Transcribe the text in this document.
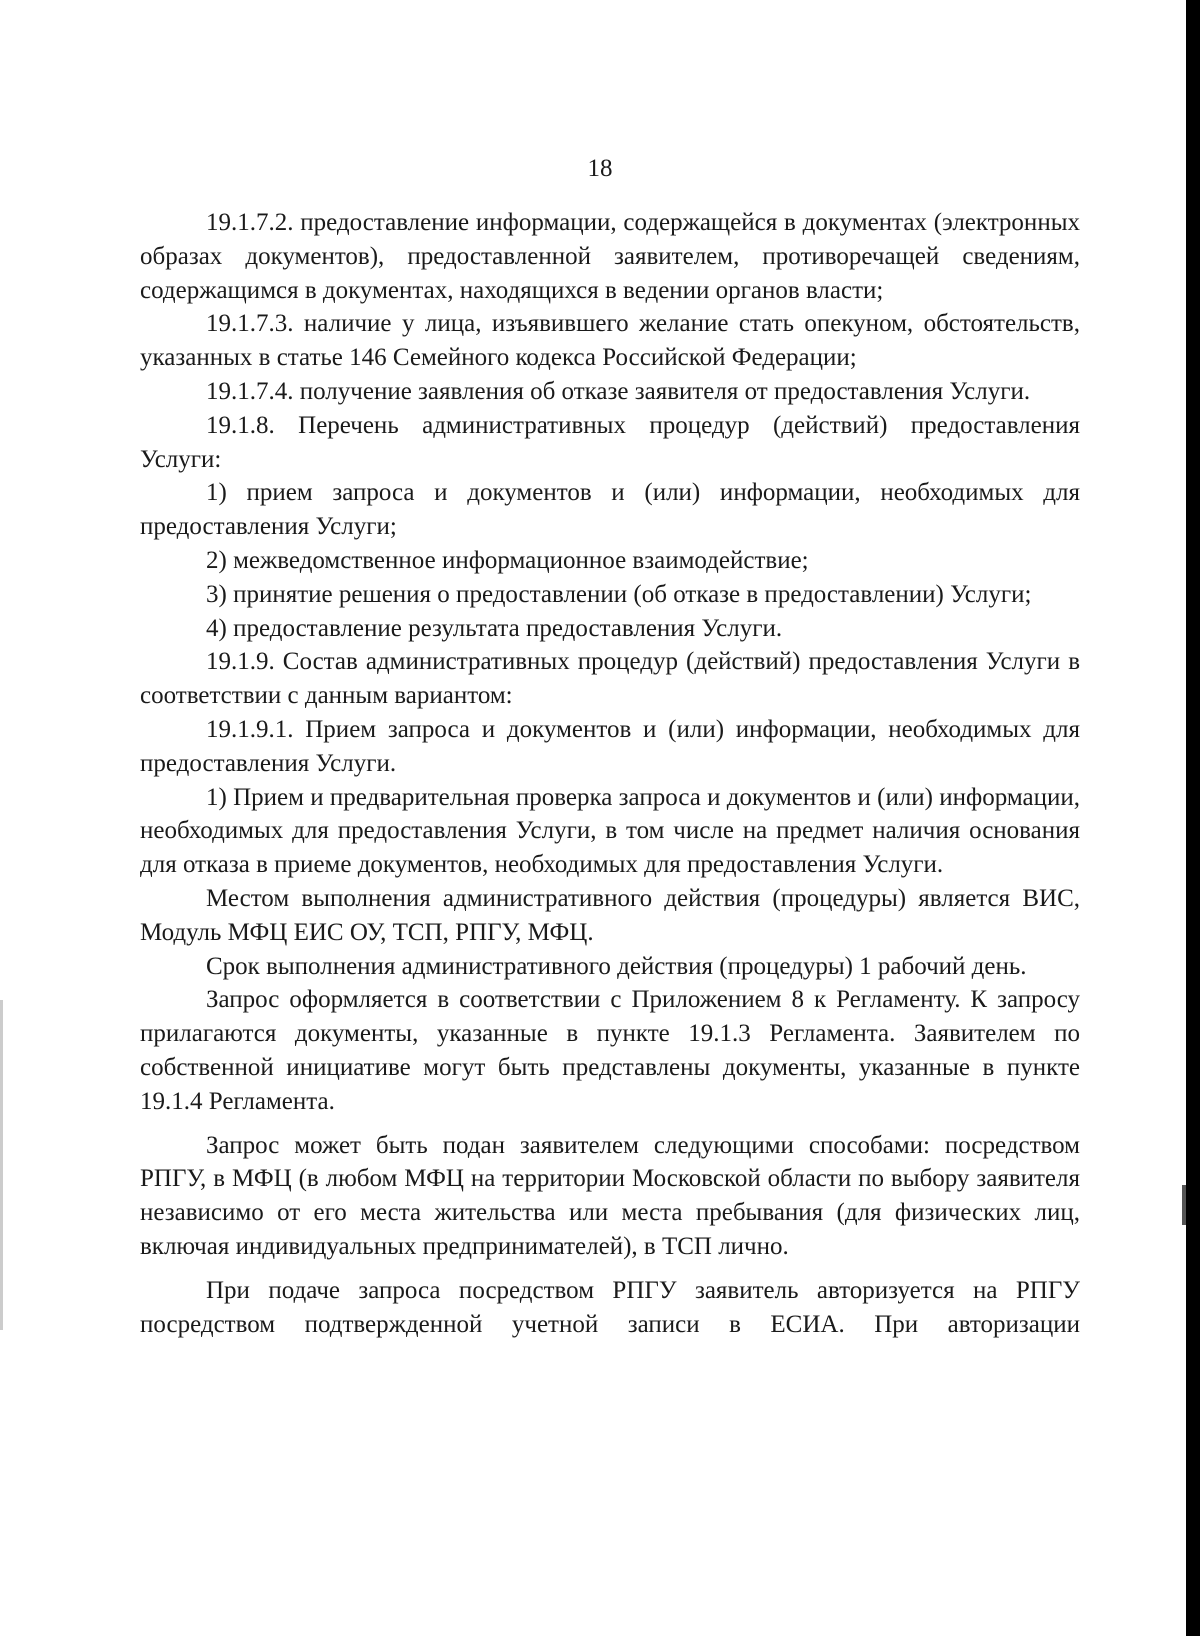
18

19.1.7.2. предоставление информации, содержащейся в документах (электронных образах документов), предоставленной заявителем, противоречащей сведениям, содержащимся в документах, находящихся в ведении органов власти;

19.1.7.3. наличие у лица, изъявившего желание стать опекуном, обстоятельств, указанных в статье 146 Семейного кодекса Российской Федерации;

19.1.7.4. получение заявления об отказе заявителя от предоставления Услуги.

19.1.8. Перечень административных процедур (действий) предоставления Услуги:

1) прием запроса и документов и (или) информации, необходимых для предоставления Услуги;

2) межведомственное информационное взаимодействие;

3) принятие решения о предоставлении (об отказе в предоставлении) Услуги;

4) предоставление результата предоставления Услуги.

19.1.9. Состав административных процедур (действий) предоставления Услуги в соответствии с данным вариантом:

19.1.9.1. Прием запроса и документов и (или) информации, необходимых для предоставления Услуги.

1) Прием и предварительная проверка запроса и документов и (или) информации, необходимых для предоставления Услуги, в том числе на предмет наличия основания для отказа в приеме документов, необходимых для предоставления Услуги.

Местом выполнения административного действия (процедуры) является ВИС, Модуль МФЦ ЕИС ОУ, ТСП, РПГУ, МФЦ.

Срок выполнения административного действия (процедуры) 1 рабочий день.

Запрос оформляется в соответствии с Приложением 8 к Регламенту. К запросу прилагаются документы, указанные в пункте 19.1.3 Регламента. Заявителем по собственной инициативе могут быть представлены документы, указанные в пункте 19.1.4 Регламента.

Запрос может быть подан заявителем следующими способами: посредством РПГУ, в МФЦ (в любом МФЦ на территории Московской области по выбору заявителя независимо от его места жительства или места пребывания (для физических лиц, включая индивидуальных предпринимателей), в ТСП лично.

При подаче запроса посредством РПГУ заявитель авторизуется на РПГУ посредством подтвержденной учетной записи в ЕСИА. При авторизации
